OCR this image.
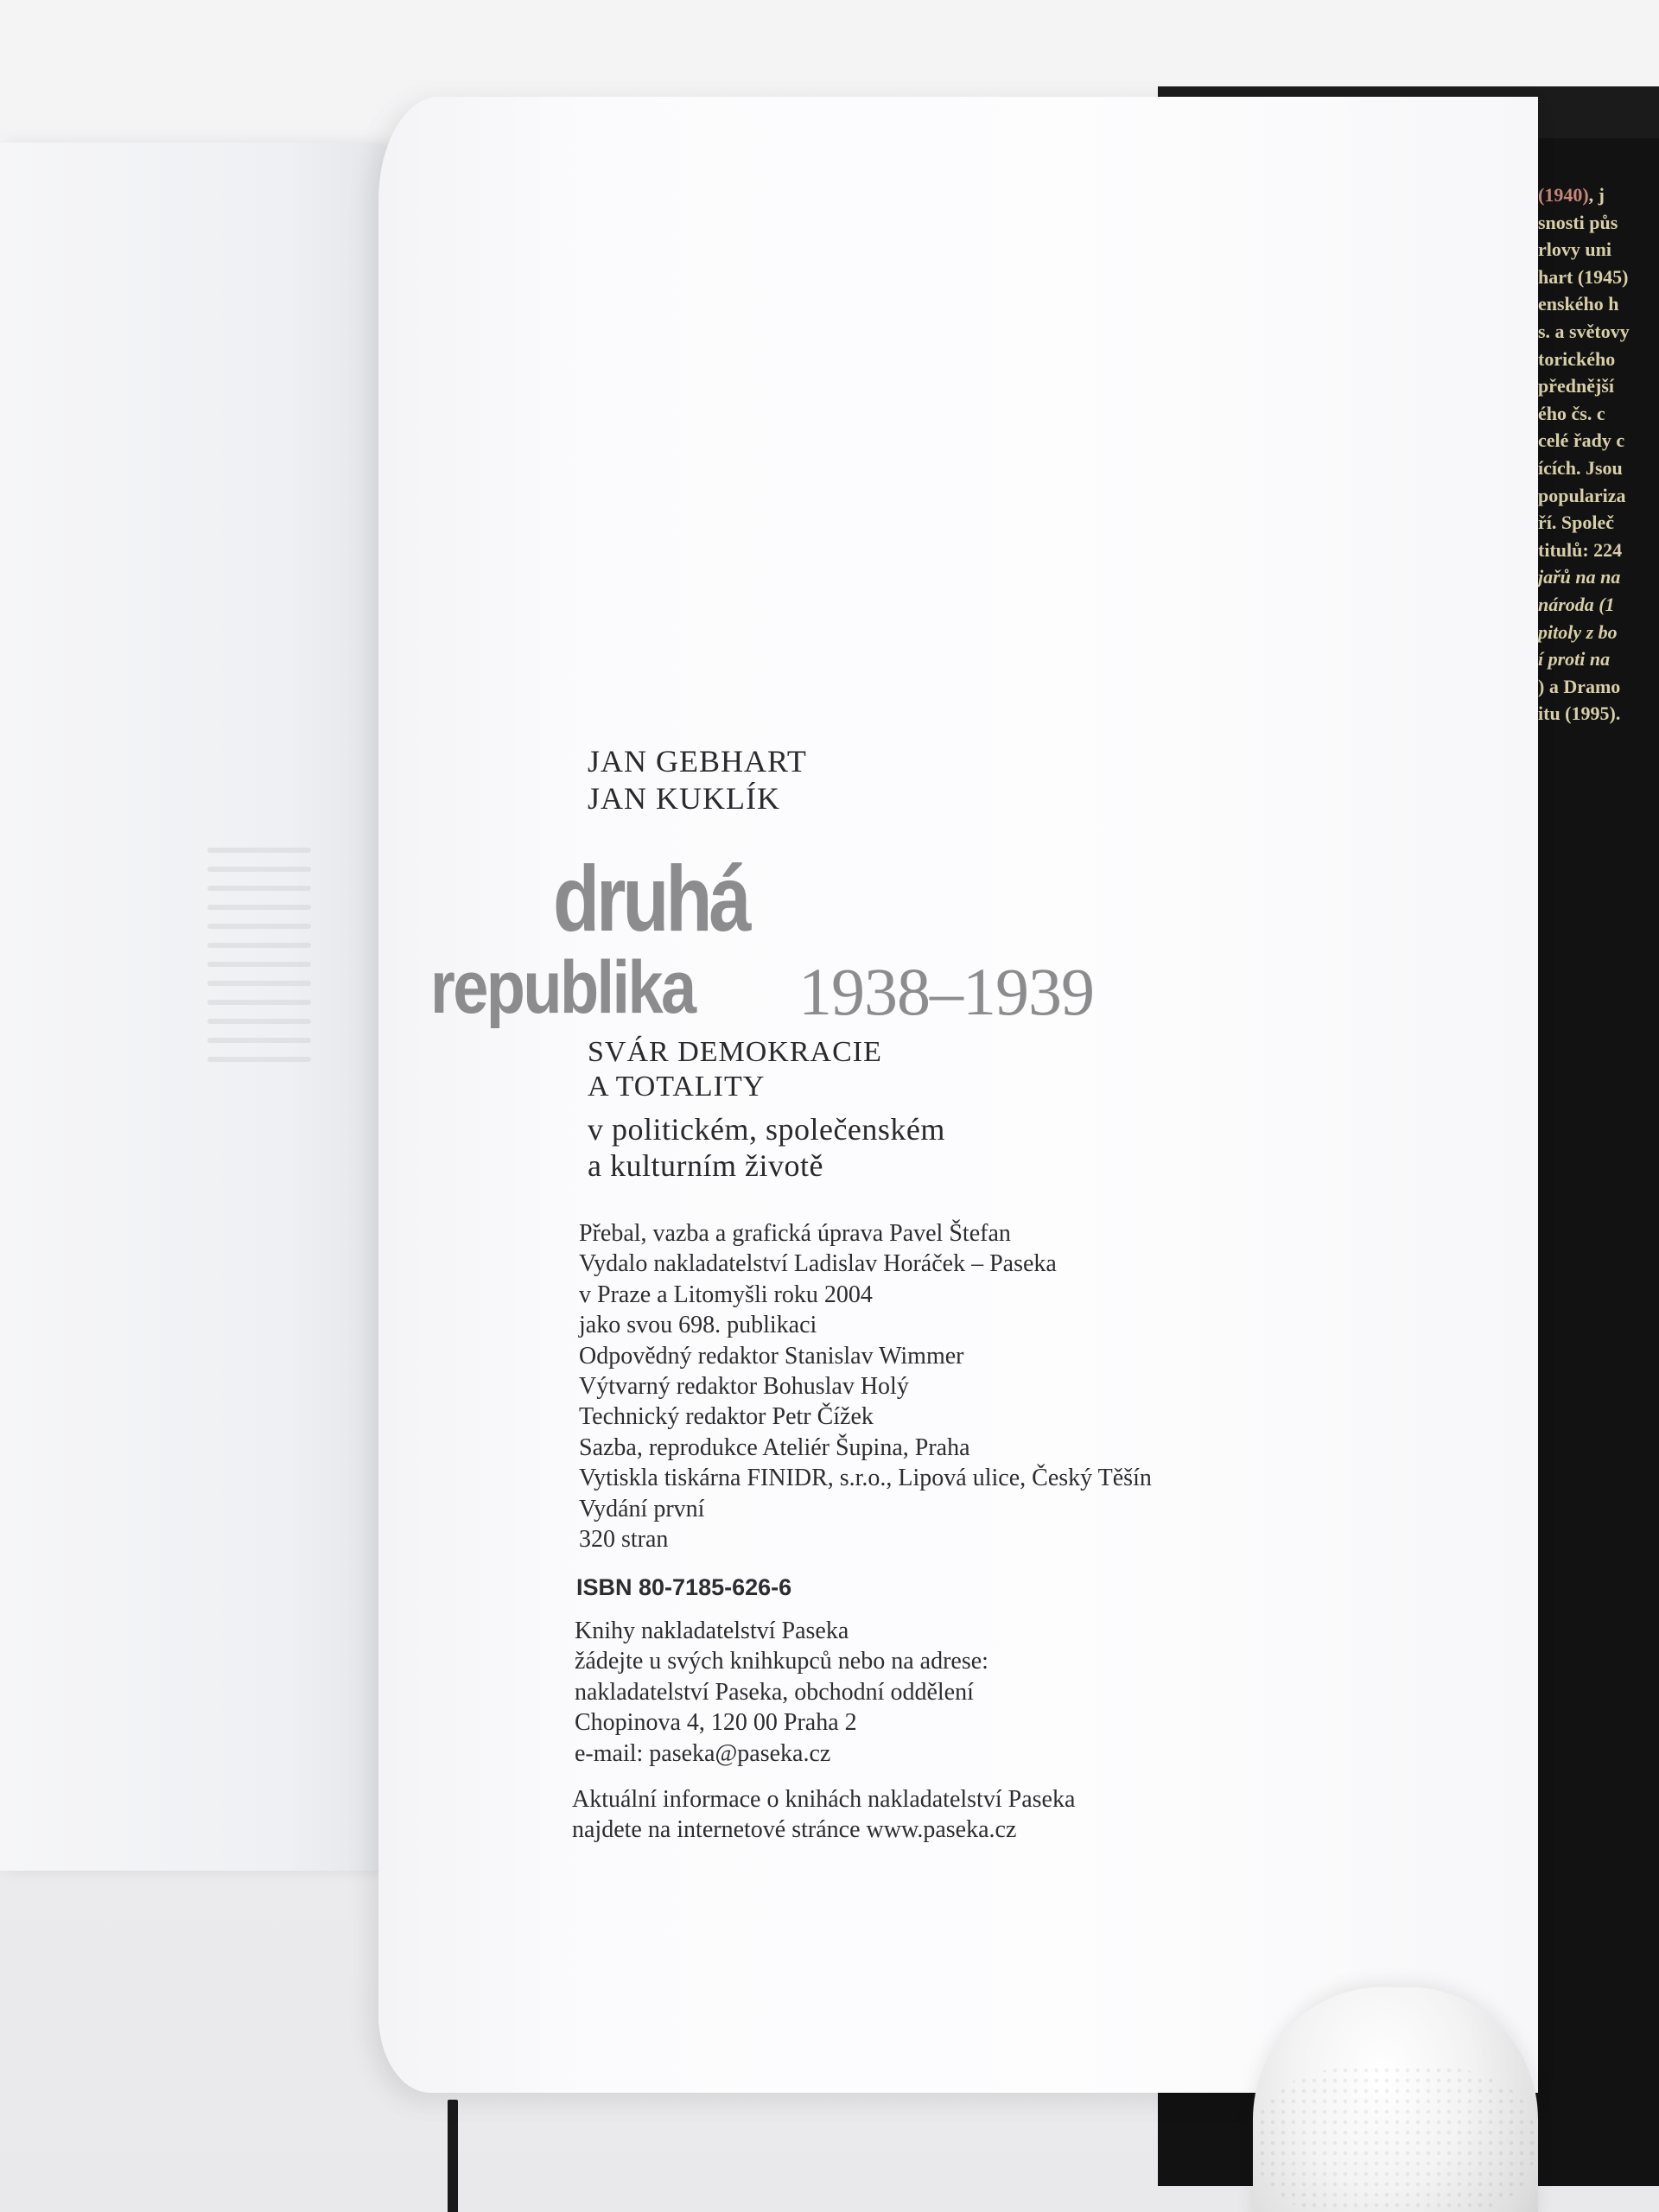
(1940), j
snosti půs
rlovy uni
hart (1945)
enského h
s. a světovy
torického
přednější
ého čs. c
celé řady c
ících. Jsou
populariza
ří. Společ
titulů: 224
jařů na na
národa (1
pitoly z bo
í proti na
) a Dramo
itu (1995).
JAN GEBHART
JAN KUKLÍK
druhá
republika 1938–1939
SVÁR DEMOKRACIE
A TOTALITY
v politickém, společenském
a kulturním životě
Přebal, vazba a grafická úprava Pavel Štefan
Vydalo nakladatelství Ladislav Horáček – Paseka
v Praze a Litomyšli roku 2004
jako svou 698. publikaci
Odpovědný redaktor Stanislav Wimmer
Výtvarný redaktor Bohuslav Holý
Technický redaktor Petr Čížek
Sazba, reprodukce Ateliér Šupina, Praha
Vytiskla tiskárna FINIDR, s.r.o., Lipová ulice, Český Těšín
Vydání první
320 stran
ISBN 80-7185-626-6
Knihy nakladatelství Paseka
žádejte u svých knihkupců nebo na adrese:
nakladatelství Paseka, obchodní oddělení
Chopinova 4, 120 00 Praha 2
e-mail: paseka@paseka.cz
Aktuální informace o knihách nakladatelství Paseka
najdete na internetové stránce www.paseka.cz
